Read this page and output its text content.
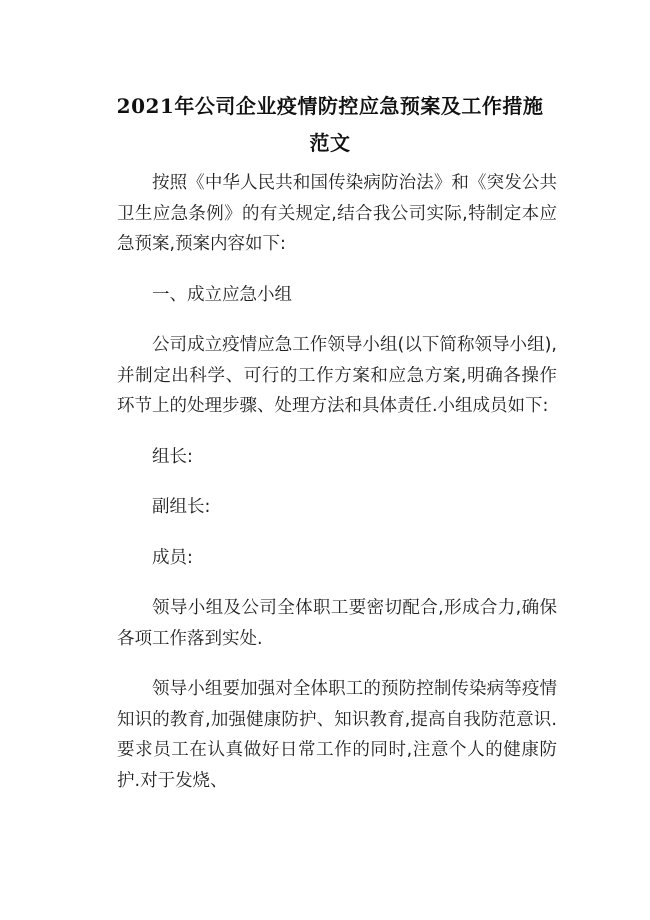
2021年公司企业疫情防控应急预案及工作措施范文

按照《中华人民共和国传染病防治法》和《突发公共卫生应急条例》的有关规定,结合我公司实际,特制定本应急预案,预案内容如下:

一、成立应急小组

公司成立疫情应急工作领导小组(以下简称领导小组),并制定出科学、可行的工作方案和应急方案,明确各操作环节上的处理步骤、处理方法和具体责任.小组成员如下:

组长:

副组长:

成员:

领导小组及公司全体职工要密切配合,形成合力,确保各项工作落到实处.

领导小组要加强对全体职工的预防控制传染病等疫情知识的教育,加强健康防护、知识教育,提高自我防范意识.要求员工在认真做好日常工作的同时,注意个人的健康防护.对于发烧、
